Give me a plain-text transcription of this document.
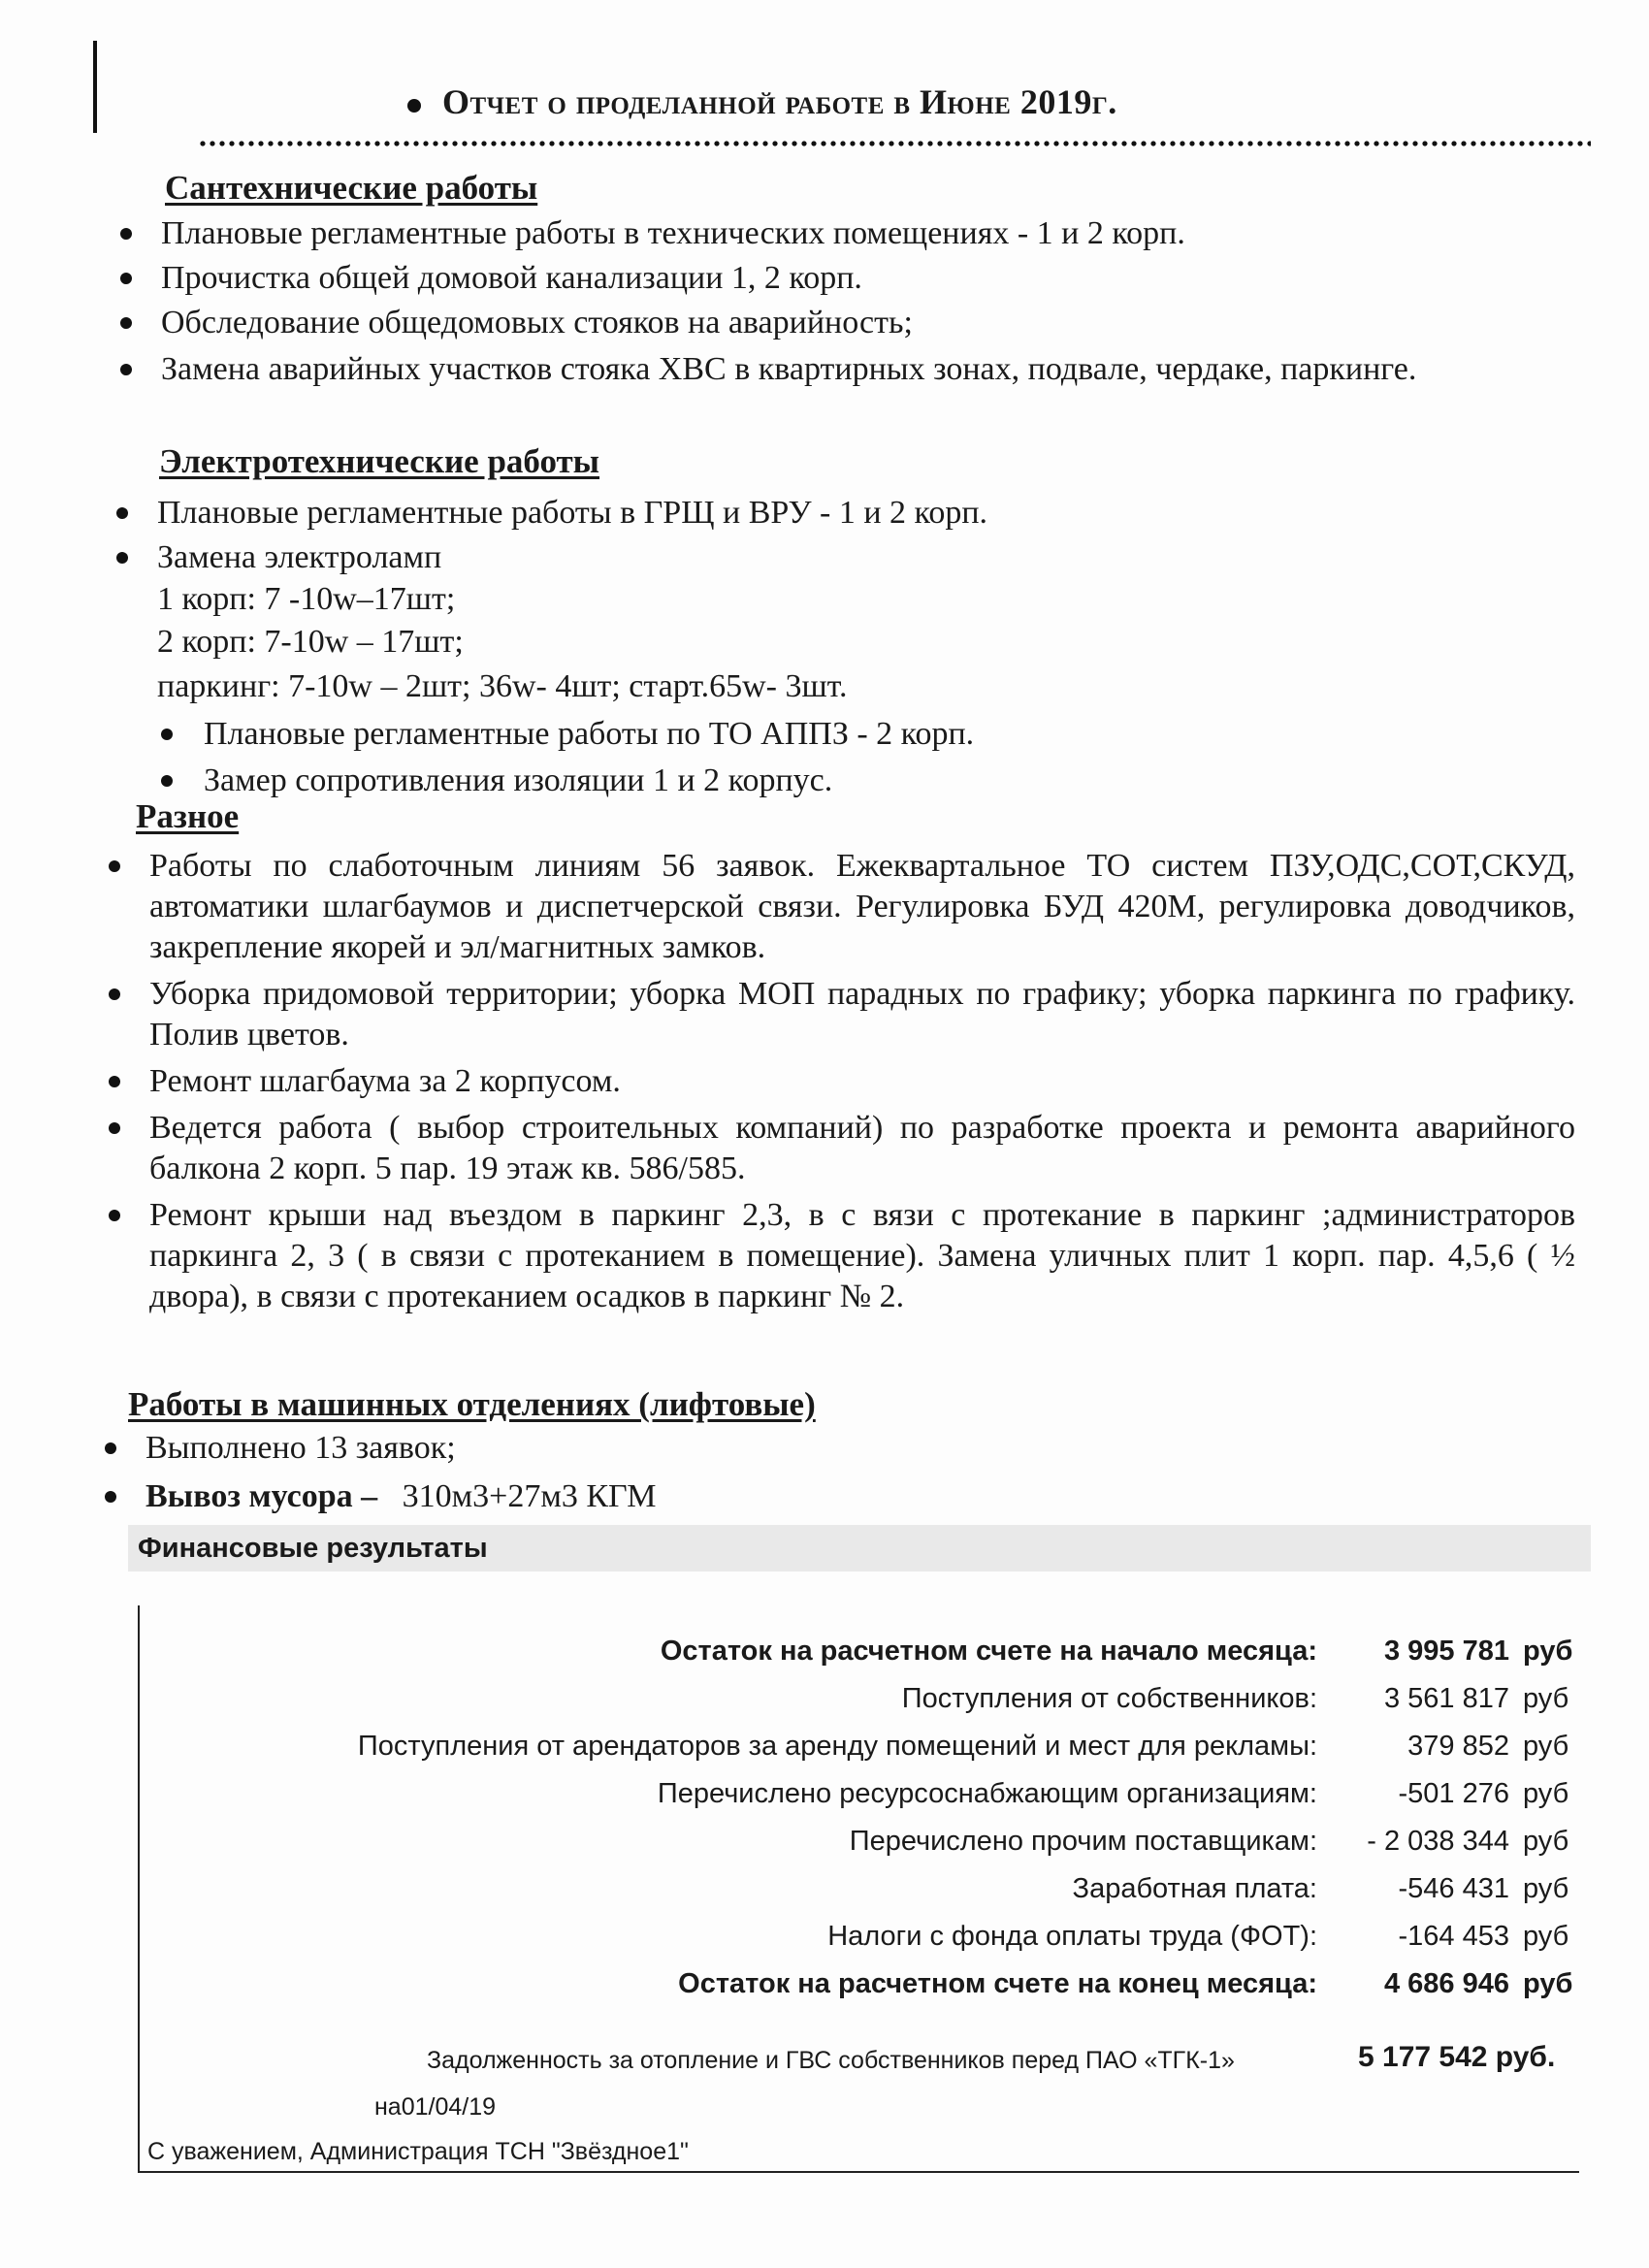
Отчет о проделанной работе в Июне 2019г.
Сантехнические работы
Плановые регламентные работы в технических помещениях - 1 и 2 корп.
Прочистка общей домовой канализации 1, 2 корп.
Обследование общедомовых стояков на аварийность;
Замена аварийных участков стояка ХВС в квартирных зонах, подвале, чердаке, паркинге.
Электротехнические работы
Плановые регламентные работы в ГРЩ и ВРУ - 1 и 2 корп.
Замена электроламп
1 корп: 7 -10w–17шт;
2 корп: 7-10w – 17шт;
паркинг: 7-10w – 2шт; 36w- 4шт; старт.65w- 3шт.
Плановые регламентные работы по ТО АППЗ - 2 корп.
Замер сопротивления изоляции 1 и 2 корпус.
Разное
Работы по слаботочным линиям 56 заявок. Ежеквартальное ТО систем ПЗУ,ОДС,СОТ,СКУД, автоматики шлагбаумов и диспетчерской связи. Регулировка БУД 420М, регулировка доводчиков, закрепление якорей и эл/магнитных замков.
Уборка придомовой территории; уборка МОП парадных по графику; уборка паркинга по графику. Полив цветов.
Ремонт шлагбаума за 2 корпусом.
Ведется работа ( выбор строительных компаний) по разработке проекта и ремонта аварийного балкона 2 корп. 5 пар. 19 этаж кв. 586/585.
Ремонт крыши над въездом в паркинг 2,3, в с вязи с протекание в паркинг ;администраторов паркинга 2, 3 ( в связи с протеканием в помещение). Замена уличных плит 1 корп. пар. 4,5,6 ( ½ двора), в связи с протеканием осадков в паркинг № 2.
Работы в машинных отделениях (лифтовые)
Выполнено 13 заявок;
Вывоз мусора – 310м3+27м3 КГМ
Финансовые результаты
Остаток на расчетном счете на начало месяца:	3 995 781	руб
Поступления от собственников:	3 561 817	руб
Поступления от арендаторов за аренду помещений и мест для рекламы:	379 852	руб
Перечислено ресурсоснабжающим организациям:	-501 276	руб
Перечислено прочим поставщикам:	- 2 038 344	руб
Заработная плата:	-546 431	руб
Налоги с фонда оплаты труда (ФОТ):	-164 453	руб
Остаток на расчетном счете на конец месяца:	4 686 946	руб
Задолженность за отопление и ГВС собственников перед ПАО «ТГК-1»	5 177 542 руб.
на01/04/19
С уважением, Администрация ТСН "Звёздное1"
